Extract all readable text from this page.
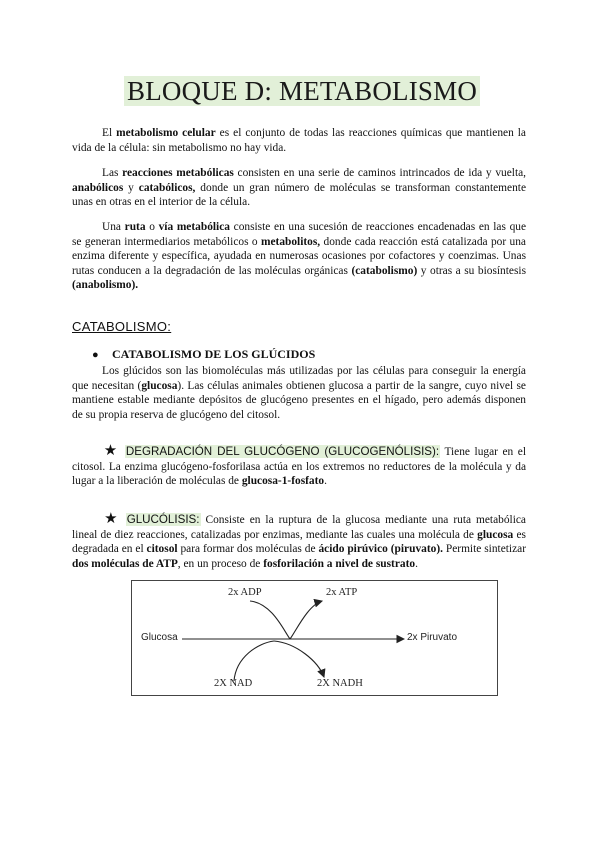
BLOQUE D: METABOLISMO

El metabolismo celular es el conjunto de todas las reacciones químicas que mantienen la vida de la célula: sin metabolismo no hay vida.

Las reacciones metabólicas consisten en una serie de caminos intrincados de ida y vuelta, anabólicos y catabólicos, donde un gran número de moléculas se transforman constantemente unas en otras en el interior de la célula.

Una ruta o vía metabólica consiste en una sucesión de reacciones encadenadas en las que se generan intermediarios metabólicos o metabolitos, donde cada reacción está catalizada por una enzima diferente y específica, ayudada en numerosas ocasiones por cofactores y coenzimas. Unas rutas conducen a la degradación de las moléculas orgánicas (catabolismo) y otras a su biosíntesis (anabolismo).

CATABOLISMO:
● CATABOLISMO DE LOS GLÚCIDOS

Los glúcidos son las biomoléculas más utilizadas por las células para conseguir la energía que necesitan (glucosa). Las células animales obtienen glucosa a partir de la sangre, cuyo nivel se mantiene estable mediante depósitos de glucógeno presentes en el hígado, pero además disponen de su propia reserva de glucógeno del citosol.

★ DEGRADACIÓN DEL GLUCÓGENO (GLUCOGENÓLISIS): Tiene lugar en el citosol. La enzima glucógeno-fosforilasa actúa en los extremos no reductores de la molécula y da lugar a la liberación de moléculas de glucosa-1-fosfato.

★ GLUCÓLISIS: Consiste en la ruptura de la glucosa mediante una ruta metabólica lineal de diez reacciones, catalizadas por enzimas, mediante las cuales una molécula de glucosa es degradada en el citosol para formar dos moléculas de ácido pirúvico (piruvato). Permite sintetizar dos moléculas de ATP, en un proceso de fosforilación a nivel de sustrato.

Glucosa	2x Piruvato
2x ADP	2x ATP
2X NAD	2X NADH
